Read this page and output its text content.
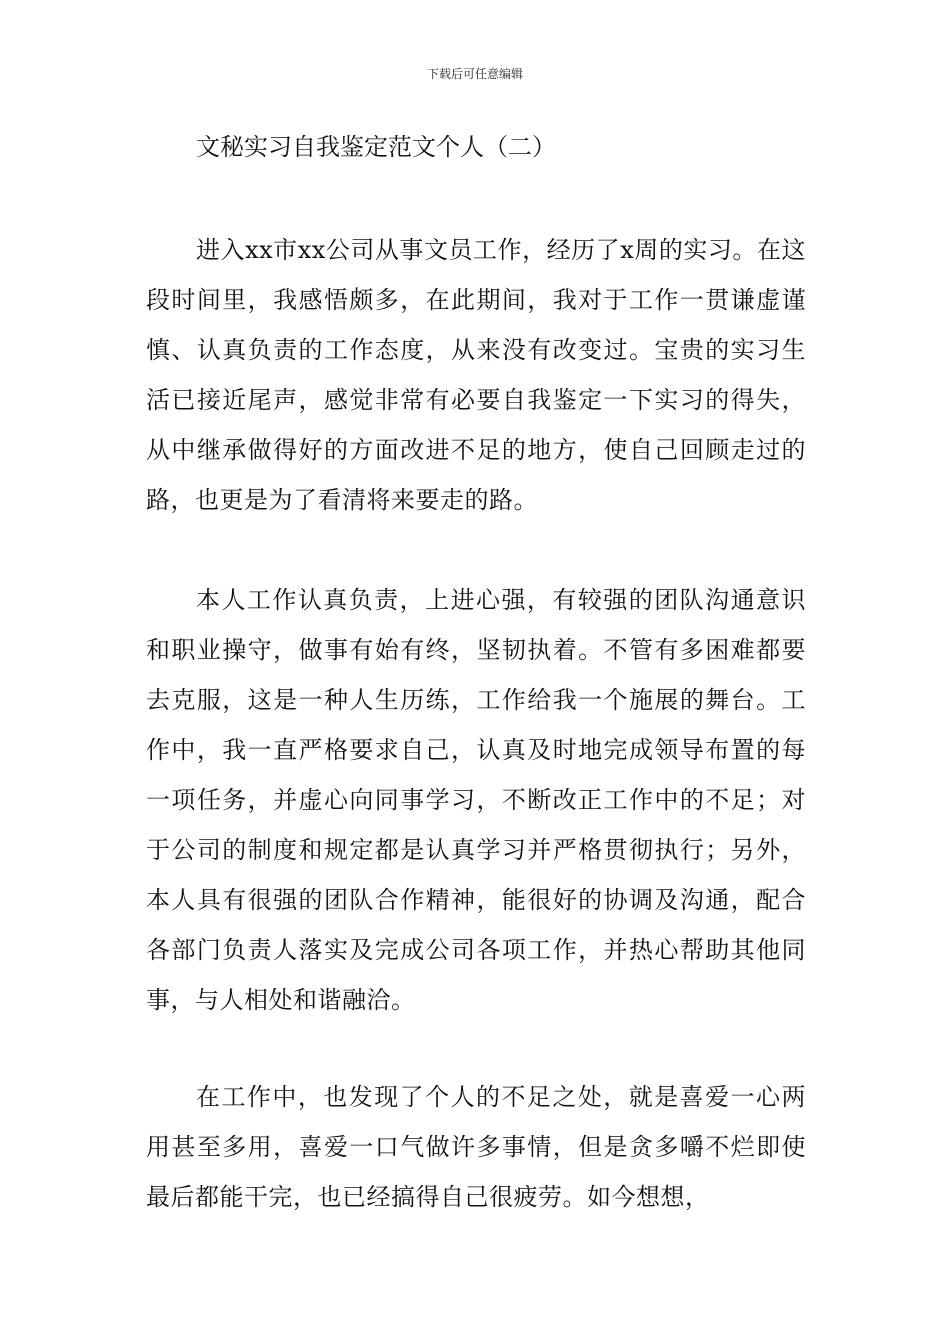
下载后可任意编辑
文秘实习自我鉴定范文个人（二）

进入xx市xx公司从事文员工作，经历了x周的实习。在这段时间里，我感悟颇多，在此期间，我对于工作一贯谦虚谨慎、认真负责的工作态度，从来没有改变过。宝贵的实习生活已接近尾声，感觉非常有必要自我鉴定一下实习的得失，从中继承做得好的方面改进不足的地方，使自己回顾走过的路，也更是为了看清将来要走的路。

本人工作认真负责，上进心强，有较强的团队沟通意识和职业操守，做事有始有终，坚韧执着。不管有多困难都要去克服，这是一种人生历练，工作给我一个施展的舞台。工作中，我一直严格要求自己，认真及时地完成领导布置的每一项任务，并虚心向同事学习，不断改正工作中的不足；对于公司的制度和规定都是认真学习并严格贯彻执行；另外，本人具有很强的团队合作精神，能很好的协调及沟通，配合各部门负责人落实及完成公司各项工作，并热心帮助其他同事，与人相处和谐融洽。

在工作中，也发现了个人的不足之处，就是喜爱一心两用甚至多用，喜爱一口气做许多事情，但是贪多嚼不烂即使最后都能干完，也已经搞得自己很疲劳。如今想想，
